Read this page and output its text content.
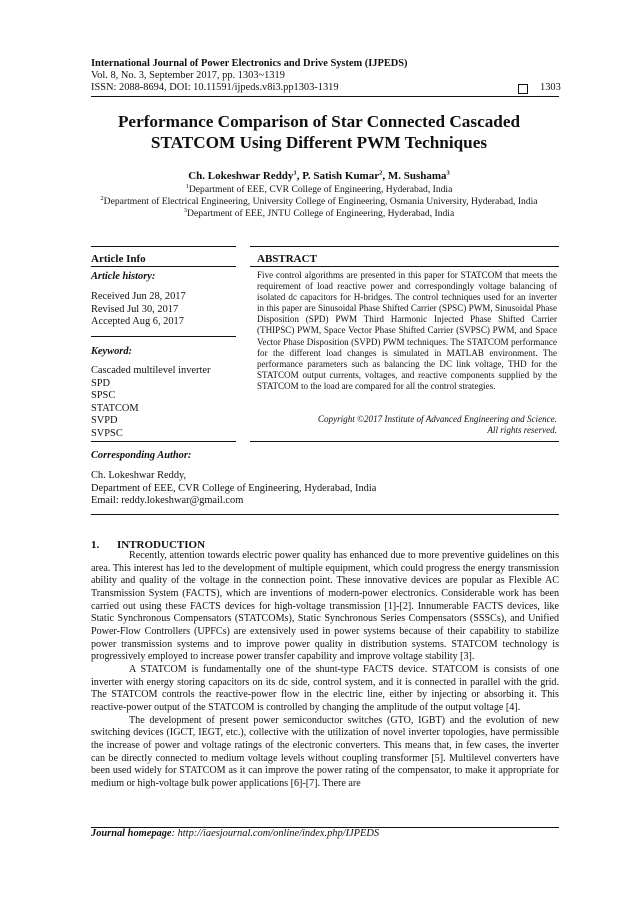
International Journal of Power Electronics and Drive System (IJPEDS)
Vol. 8, No. 3, September 2017, pp. 1303~1319
ISSN: 2088-8694, DOI: 10.11591/ijpeds.v8i3.pp1303-1319	1303
Performance Comparison of Star Connected Cascaded
STATCOM Using Different PWM Techniques
Ch. Lokeshwar Reddy$^1$, P. Satish Kumar$^2$, M. Sushama$^3$
$^1$Department of EEE, CVR College of Engineering, Hyderabad, India
$^2$Department of Electrical Engineering, University College of Engineering, Osmania University, Hyderabad, India
$^3$Department of EEE, JNTU College of Engineering, Hyderabad, India
Article Info	ABSTRACT
Article history:
Received Jun 28, 2017
Revised Jul 30, 2017
Accepted Aug 6, 2017
Keyword:
Cascaded multilevel inverter
SPD
SPSC
STATCOM
SVPD
SVPSC
Five control algorithms are presented in this paper for STATCOM that meets the requirement of load reactive power and correspondingly voltage balancing of isolated dc capacitors for H-bridges. The control techniques used for an inverter in this paper are Sinusoidal Phase Shifted Carrier (SPSC) PWM, Sinusoidal Phase Disposition (SPD) PWM Third Harmonic Injected Phase Shifted Carrier (THIPSC) PWM, Space Vector Phase Shifted Carrier (SVPSC) PWM, and Space Vector Phase Disposition (SVPD) PWM techniques. The STATCOM performance for the different load changes is simulated in MATLAB environment. The performance parameters such as balancing the DC link voltage, THD for the STATCOM output currents, voltages, and reactive components supplied by the STATCOM to the load are compared for all the control strategies.
Copyright ©2017 Institute of Advanced Engineering and Science.
All rights reserved.
Corresponding Author:
Ch. Lokeshwar Reddy,
Department of EEE, CVR College of Engineering, Hyderabad, India
Email: reddy.lokeshwar@gmail.com
1. INTRODUCTION

Recently, attention towards electric power quality has enhanced due to more preventive guidelines on this area. This interest has led to the development of multiple equipment, which could progress the energy transmission ability and quality of the voltage in the connection point. These innovative devices are popular as Flexible AC Transmission System (FACTS), which are inventions of modern-power electronics. Considerable work has been carried out using these FACTS devices for high-voltage transmission [1]-[2]. Innumerable FACTS devices, like Static Synchronous Compensators (STATCOMs), Static Synchronous Series Compensators (SSSCs), and Unified Power-Flow Controllers (UPFCs) are extensively used in power systems because of their capability to stabilize power transmission systems and to improve power quality in distribution systems. STATCOM technology is progressively employed to increase power transfer capability and improve voltage stability [3].

A STATCOM is fundamentally one of the shunt-type FACTS device. STATCOM is consists of one inverter with energy storing capacitors on its dc side, control system, and it is connected in parallel with the grid. The STATCOM controls the reactive-power flow in the electric line, either by injecting or absorbing it. This reactive-power output of the STATCOM is controlled by changing the amplitude of the output voltage [4].

The development of present power semiconductor switches (GTO, IGBT) and the evolution of new switching devices (IGCT, IEGT, etc.), collective with the utilization of novel inverter topologies, have permissible the increase of power and voltage ratings of the electronic converters. This means that, in few cases, the inverter can be directly connected to medium voltage levels without coupling transformer [5]. Multilevel converters have been used widely for STATCOM as it can improve the power rating of the compensator, to make it appropriate for medium or high-voltage bulk power applications [6]-[7]. There are

Journal homepage: http://iaesjournal.com/online/index.php/IJPEDS
